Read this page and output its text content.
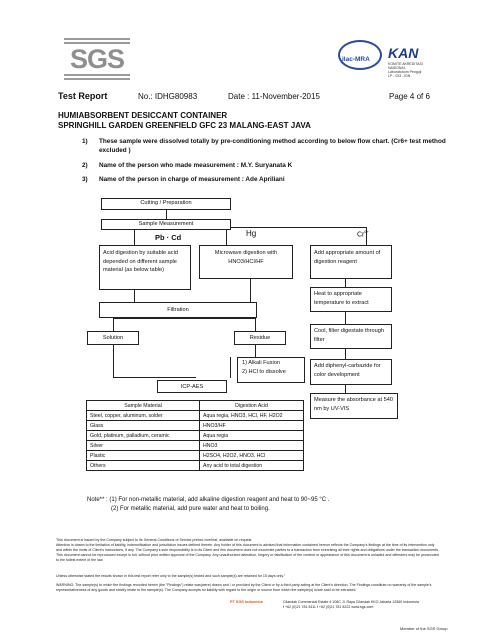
SGS	ilac-MRA KAN
KOMITE AKREDITASI NASIONAL
Laboratorium Penguji
LP - 033 - IDN
Test Report	No.: IDHG80983	Date : 11-November-2015	Page 4 of 6
HUMIABSORBENT DESICCANT CONTAINER
SPRINGHILL GARDEN GREENFIELD GFC 23 MALANG-EAST JAVA
1) These sample were dissolved totally by pre-conditioning method according to below flow chart. (Cr6+ test method excluded )
2) Name of the person who made measurement : M.Y. Suryanata K
3) Name of the person in charge of measurement : Ade Apriliani
Cutting / Preparation
Sample Measurement
Pb · Cd	Hg	$Cr^{6+}$
Acid digestion by suitable acid depended on different sample material (as below table)
Microwave digestion with
HNO3/HCl/HF
Add appropriate amount of digestion reagent
Heat to appropriate temperature to extract
Cool, filter digestate through filter
Add diphenyl-carbazide for color development
Measure the absorbance at 540 nm by UV-VIS
Filtration
Solution	Residue
1) Alkali Fusion
2) HCl to dissolve
ICP-AES
Sample Material	Digestion Acid
Steel, copper, aluminum, solder	Aqua regia, HNO3, HCl, HF, H2O2
Glass	HNO3/HF
Gold, platinum, palladium, ceramic	Aqua regia
Silver	HNO3
Plastic	H2SO4, H2O2, HNO3, HCl
Others	Any acid to total digestion
Note** : (1) For non-metallic material, add alkaline digestion reagent and heat to 90~95 °C .
(2) For metallic material, add pure water and heat to boiling.
This document is issued by the Company subject to its General Conditions of Service printed overleaf, available on request.
Attention is drawn to the limitation of liability, indemnification and jurisdiction issues defined therein. Any holder of this document is advised that information contained hereon reflects the Company's findings at the time of its intervention only and within the limits of Client's instructions, if any. The Company's sole responsibility is to its Client and this document does not exonerate parties to a transaction from exercising all their rights and obligations under the transaction documents. This document cannot be reproduced except in full, without prior written approval of the Company. Any unauthorized alteration, forgery or falsification of the content or appearance of this document is unlawful and offenders may be prosecuted to the fullest extent of the law.
Unless otherwise stated the results shown in this test report refer only to the sample(s) tested and such sample(s) are retained for 15 days only."
WARNING: The sample(s) to which the findings recorded herein (the "Findings") relate was(were) drawn and / or provided by the Client or by a third party acting at the Client's direction. The Findings constitute no warranty of the sample's representativeness of any goods and strictly relate to the sample(s). The Company accepts no liability with regard to the origin or source from which the sample(s) is/are said to be extracted.
PT SGS Indonesia	Cilandak Commercial Estate # 108C Jl. Raya Cilandak KKO Jakarta 12560 Indonesia
t +62 (0)21 781 8111 f +62 (0)21 781 8222 www.sgs.com
Member of the SGS Group
